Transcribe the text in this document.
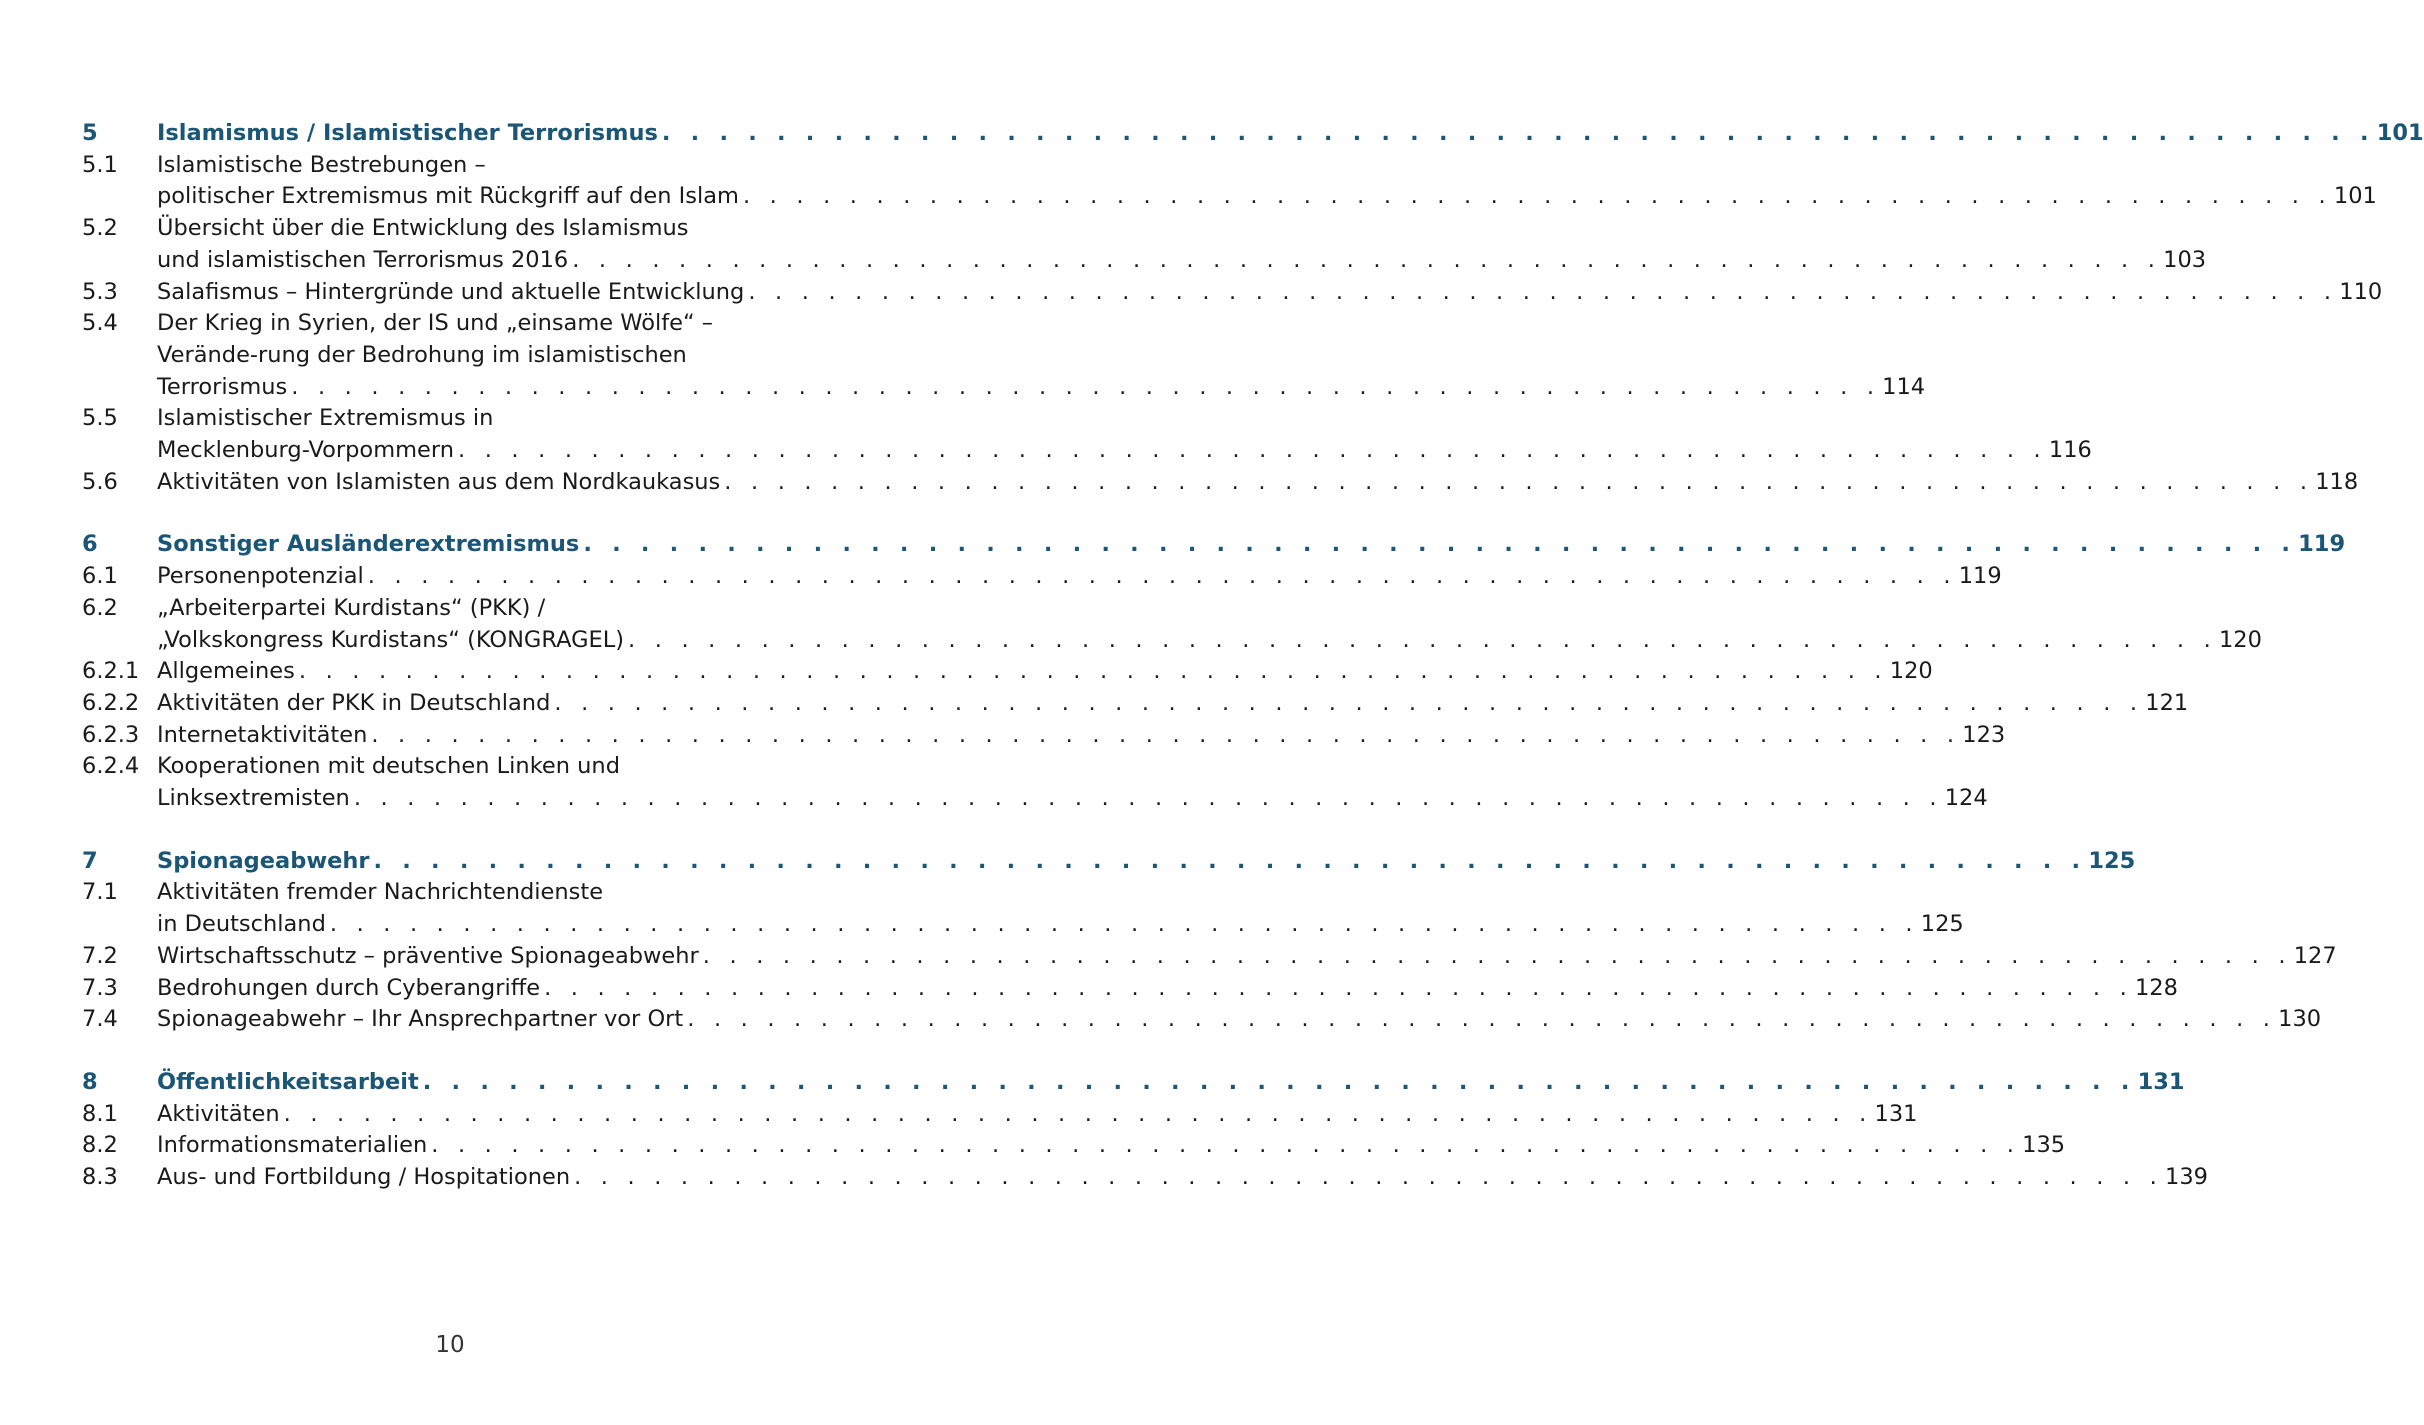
5	Islamismus / Islamistischer Terrorismus . . . . . . . . . . . . . . . . . . . . . . . . . . . . . . . . . . . . . . . . . . . . . . . . . . . . . . . . . . . . 101
5.1	Islamistische Bestrebungen –
politischer Extremismus mit Rückgriff auf den Islam . . . . . . . . . . . . . . . . . . . . . . . . . . . . . . . . . . . . . . . . . . . . . . . . . . . . . . . . . . . . 101
5.2	Übersicht über die Entwicklung des Islamismus
und islamistischen Terrorismus 2016 . . . . . . . . . . . . . . . . . . . . . . . . . . . . . . . . . . . . . . . . . . . . . . . . . . . . . . . . . . . . 103
5.3	Salafismus – Hintergründe und aktuelle Entwicklung . . . . . . . . . . . . . . . . . . . . . . . . . . . . . . . . . . . . . . . . . . . . . . . . . . . . . . . . . . . . 110
5.4	Der Krieg in Syrien, der IS und „einsame Wölfe“ –
Verände-rung der Bedrohung im islamistischen
Terrorismus . . . . . . . . . . . . . . . . . . . . . . . . . . . . . . . . . . . . . . . . . . . . . . . . . . . . . . . . . . . . 114
5.5	Islamistischer Extremismus in
Mecklenburg-Vorpommern . . . . . . . . . . . . . . . . . . . . . . . . . . . . . . . . . . . . . . . . . . . . . . . . . . . . . . . . . . . . 116
5.6	Aktivitäten von Islamisten aus dem Nordkaukasus . . . . . . . . . . . . . . . . . . . . . . . . . . . . . . . . . . . . . . . . . . . . . . . . . . . . . . . . . . . . 118
6	Sonstiger Ausländerextremismus . . . . . . . . . . . . . . . . . . . . . . . . . . . . . . . . . . . . . . . . . . . . . . . . . . . . . . . . . . . . 119
6.1	Personenpotenzial . . . . . . . . . . . . . . . . . . . . . . . . . . . . . . . . . . . . . . . . . . . . . . . . . . . . . . . . . . . . 119
6.2	„Arbeiterpartei Kurdistans“ (PKK) /
„Volkskongress Kurdistans“ (KONGRAGEL) . . . . . . . . . . . . . . . . . . . . . . . . . . . . . . . . . . . . . . . . . . . . . . . . . . . . . . . . . . . . 120
6.2.1 Allgemeines . . . . . . . . . . . . . . . . . . . . . . . . . . . . . . . . . . . . . . . . . . . . . . . . . . . . . . . . . . . . 120
6.2.2 Aktivitäten der PKK in Deutschland . . . . . . . . . . . . . . . . . . . . . . . . . . . . . . . . . . . . . . . . . . . . . . . . . . . . . . . . . . . . 121
6.2.3 Internetaktivitäten . . . . . . . . . . . . . . . . . . . . . . . . . . . . . . . . . . . . . . . . . . . . . . . . . . . . . . . . . . . . 123
6.2.4 Kooperationen mit deutschen Linken und
Linksextremisten . . . . . . . . . . . . . . . . . . . . . . . . . . . . . . . . . . . . . . . . . . . . . . . . . . . . . . . . . . . . 124
7	Spionageabwehr . . . . . . . . . . . . . . . . . . . . . . . . . . . . . . . . . . . . . . . . . . . . . . . . . . . . . . . . . . . . 125
7.1	Aktivitäten fremder Nachrichtendienste
in Deutschland . . . . . . . . . . . . . . . . . . . . . . . . . . . . . . . . . . . . . . . . . . . . . . . . . . . . . . . . . . . . 125
7.2	Wirtschaftsschutz – präventive Spionageabwehr . . . . . . . . . . . . . . . . . . . . . . . . . . . . . . . . . . . . . . . . . . . . . . . . . . . . . . . . . . . . 127
7.3	Bedrohungen durch Cyberangriffe . . . . . . . . . . . . . . . . . . . . . . . . . . . . . . . . . . . . . . . . . . . . . . . . . . . . . . . . . . . . 128
7.4	Spionageabwehr – Ihr Ansprechpartner vor Ort . . . . . . . . . . . . . . . . . . . . . . . . . . . . . . . . . . . . . . . . . . . . . . . . . . . . . . . . . . . . 130
8	Öffentlichkeitsarbeit . . . . . . . . . . . . . . . . . . . . . . . . . . . . . . . . . . . . . . . . . . . . . . . . . . . . . . . . . . . . 131
8.1	Aktivitäten . . . . . . . . . . . . . . . . . . . . . . . . . . . . . . . . . . . . . . . . . . . . . . . . . . . . . . . . . . . . 131
8.2	Informationsmaterialien . . . . . . . . . . . . . . . . . . . . . . . . . . . . . . . . . . . . . . . . . . . . . . . . . . . . . . . . . . . . 135
8.3	Aus- und Fortbildung / Hospitationen . . . . . . . . . . . . . . . . . . . . . . . . . . . . . . . . . . . . . . . . . . . . . . . . . . . . . . . . . . . . 139
10
